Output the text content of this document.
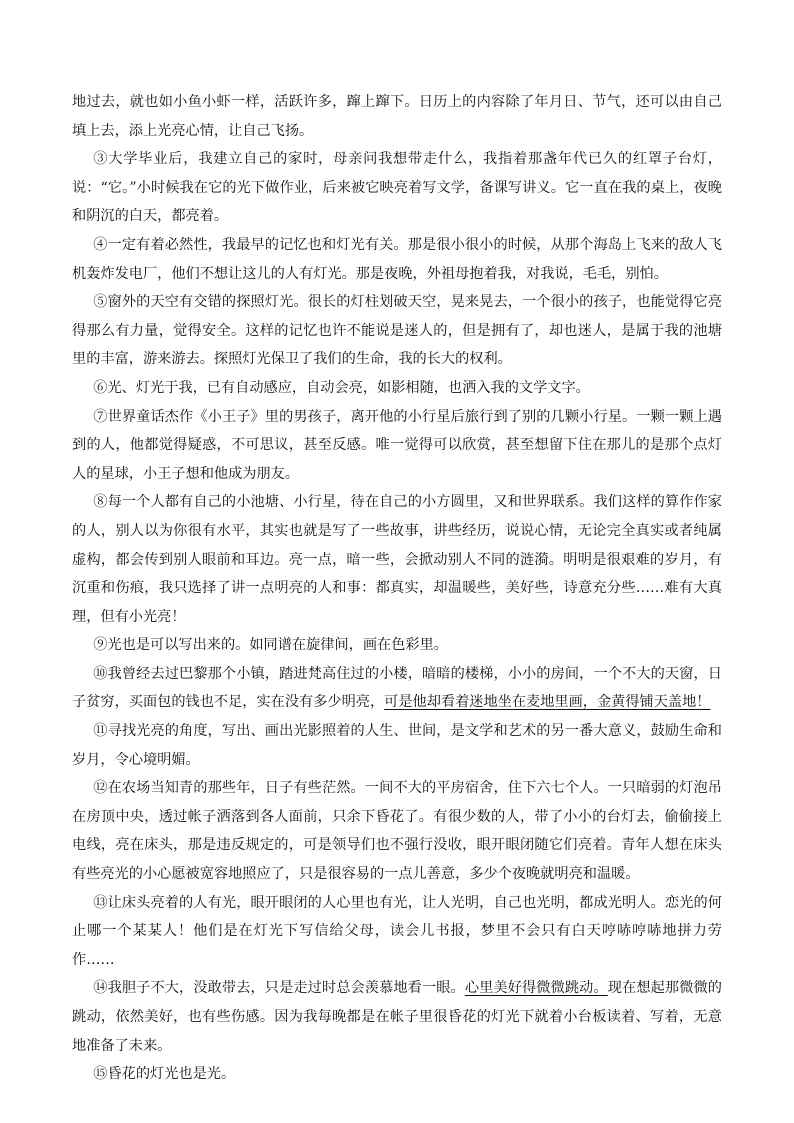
地过去，就也如小鱼小虾一样，活跃许多，蹿上蹿下。日历上的内容除了年月日、节气，还可以由自己填上去，添上光亮心情，让自己飞扬。

③大学毕业后，我建立自己的家时，母亲问我想带走什么，我指着那盏年代已久的红罩子台灯，说：“它。”小时候我在它的光下做作业，后来被它映亮着写文学，备课写讲义。它一直在我的桌上，夜晚和阴沉的白天，都亮着。

④一定有着必然性，我最早的记忆也和灯光有关。那是很小很小的时候，从那个海岛上飞来的敌人飞机轰炸发电厂，他们不想让这儿的人有灯光。那是夜晚，外祖母抱着我，对我说，毛毛，别怕。

⑤窗外的天空有交错的探照灯光。很长的灯柱划破天空，晃来晃去，一个很小的孩子，也能觉得它亮得那么有力量，觉得安全。这样的记忆也许不能说是迷人的，但是拥有了，却也迷人，是属于我的池塘里的丰富，游来游去。探照灯光保卫了我们的生命，我的长大的权利。

⑥光、灯光于我，已有自动感应，自动会亮，如影相随，也洒入我的文学文字。

⑦世界童话杰作《小王子》里的男孩子，离开他的小行星后旅行到了别的几颗小行星。一颗一颗上遇到的人，他都觉得疑惑，不可思议，甚至反感。唯一觉得可以欣赏，甚至想留下住在那儿的是那个点灯人的星球，小王子想和他成为朋友。

⑧每一个人都有自己的小池塘、小行星，待在自己的小方圆里，又和世界联系。我们这样的算作作家的人，别人以为你很有水平，其实也就是写了一些故事，讲些经历，说说心情，无论完全真实或者纯属虚构，都会传到别人眼前和耳边。亮一点，暗一些，会掀动别人不同的涟漪。明明是很艰难的岁月，有沉重和伤痕，我只选择了讲一点明亮的人和事：都真实，却温暖些，美好些，诗意充分些……难有大真理，但有小光亮！

⑨光也是可以写出来的。如同谱在旋律间，画在色彩里。

⑩我曾经去过巴黎那个小镇，踏进梵高住过的小楼，暗暗的楼梯，小小的房间，一个不大的天窗，日子贫穷，买面包的钱也不足，实在没有多少明亮，可是他却看着迷地坐在麦地里画，金黄得铺天盖地！

⑪寻找光亮的角度，写出、画出光影照着的人生、世间，是文学和艺术的另一番大意义，鼓励生命和岁月，令心境明媚。

⑫在农场当知青的那些年，日子有些茫然。一间不大的平房宿舍，住下六七个人。一只暗弱的灯泡吊在房顶中央，透过帐子洒落到各人面前，只余下昏花了。有很少数的人，带了小小的台灯去，偷偷接上电线，亮在床头，那是违反规定的，可是领导们也不强行没收，眼开眼闭随它们亮着。青年人想在床头有些亮光的小心愿被宽容地照应了，只是很容易的一点儿善意，多少个夜晚就明亮和温暖。

⑬让床头亮着的人有光，眼开眼闭的人心里也有光，让人光明，自己也光明，都成光明人。恋光的何止哪一个某某人！他们是在灯光下写信给父母，读会儿书报，梦里不会只有白天哼哧哼哧地拼力劳作……

⑭我胆子不大，没敢带去，只是走过时总会羡慕地看一眼。心里美好得微微跳动。现在想起那微微的跳动，依然美好，也有些伤感。因为我每晚都是在帐子里很昏花的灯光下就着小台板读着、写着，无意地准备了未来。

⑮昏花的灯光也是光。
